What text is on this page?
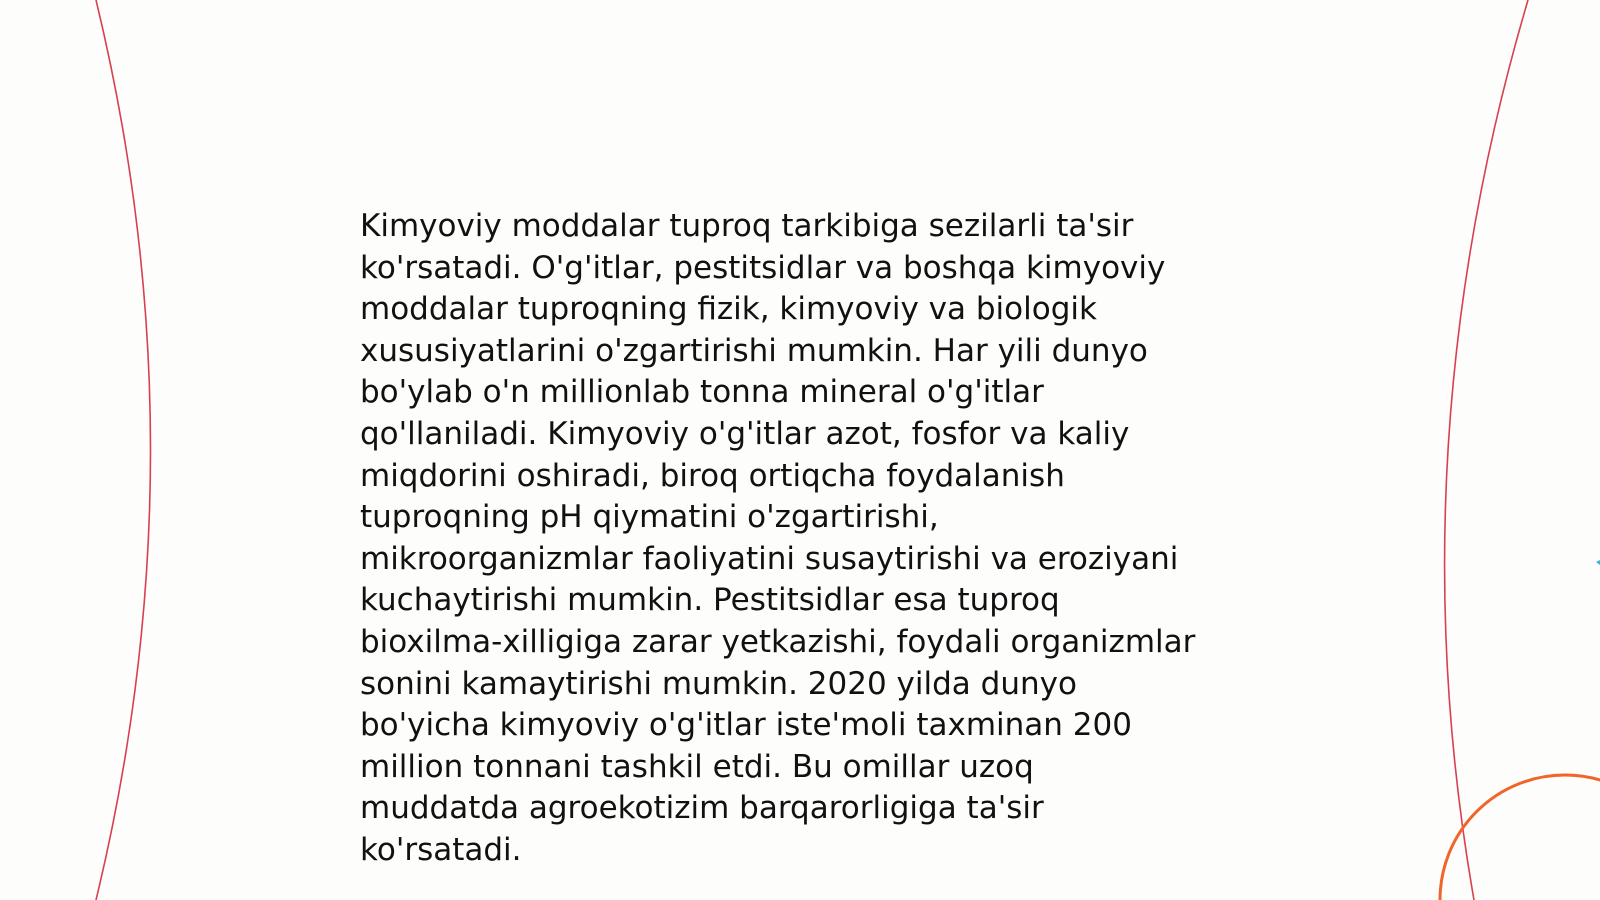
Kimyoviy moddalar tuproq tarkibiga sezilarli ta'sir
ko'rsatadi. O'g'itlar, pestitsidlar va boshqa kimyoviy
moddalar tuproqning fizik, kimyoviy va biologik
xususiyatlarini o'zgartirishi mumkin. Har yili dunyo
bo'ylab o'n millionlab tonna mineral o'g'itlar
qo'llaniladi. Kimyoviy o'g'itlar azot, fosfor va kaliy
miqdorini oshiradi, biroq ortiqcha foydalanish
tuproqning pH qiymatini o'zgartirishi,
mikroorganizmlar faoliyatini susaytirishi va eroziyani
kuchaytirishi mumkin. Pestitsidlar esa tuproq
bioxilma-xilligiga zarar yetkazishi, foydali organizmlar
sonini kamaytirishi mumkin. 2020 yilda dunyo
bo'yicha kimyoviy o'g'itlar iste'moli taxminan 200
million tonnani tashkil etdi. Bu omillar uzoq
muddatda agroekotizim barqarorligiga ta'sir
ko'rsatadi.
